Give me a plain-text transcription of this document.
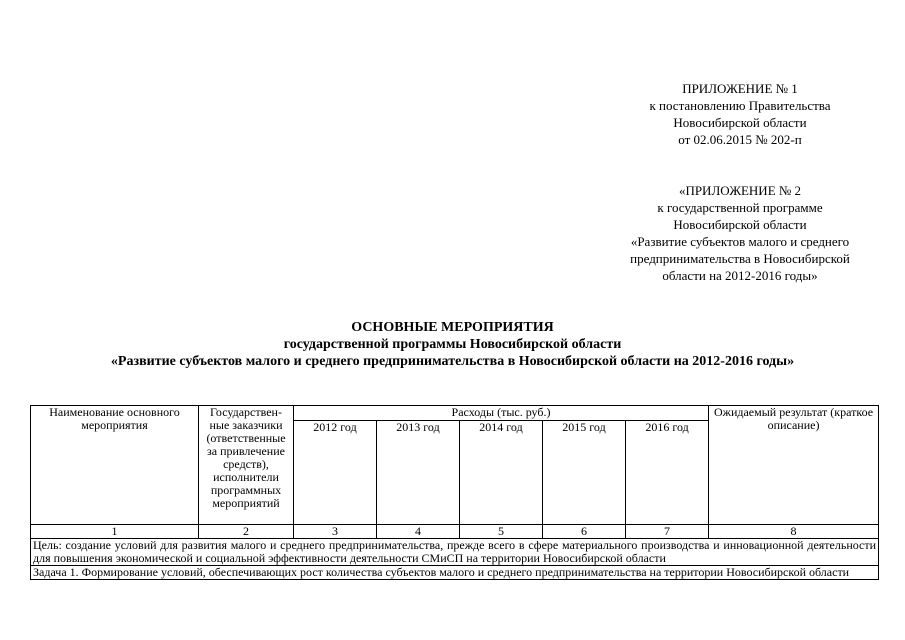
ПРИЛОЖЕНИЕ № 1
к постановлению Правительства
Новосибирской области
от 02.06.2015 № 202-п
«ПРИЛОЖЕНИЕ № 2
к государственной программе
Новосибирской области
«Развитие субъектов малого и среднего
предпринимательства в Новосибирской
области на 2012-2016 годы»
ОСНОВНЫЕ МЕРОПРИЯТИЯ
государственной программы Новосибирской области
«Развитие субъектов малого и среднего предпринимательства в Новосибирской области на 2012-2016 годы»
Наименование основного мероприятия	Государствен-ные заказчики (ответственные за привлечение средств), исполнители программных мероприятий	Расходы (тыс. руб.)					Ожидаемый результат (краткое описание)
		2012 год	2013 год	2014 год	2015 год	2016 год	
1	2	3	4	5	6	7	8
Цель: создание условий для развития малого и среднего предпринимательства, прежде всего в сфере материального производства и инновационной деятельности для повышения экономической и социальной эффективности деятельности СМиСП на территории Новосибирской области							
Задача 1. Формирование условий, обеспечивающих рост количества субъектов малого и среднего предпринимательства на территории Новосибирской области							
